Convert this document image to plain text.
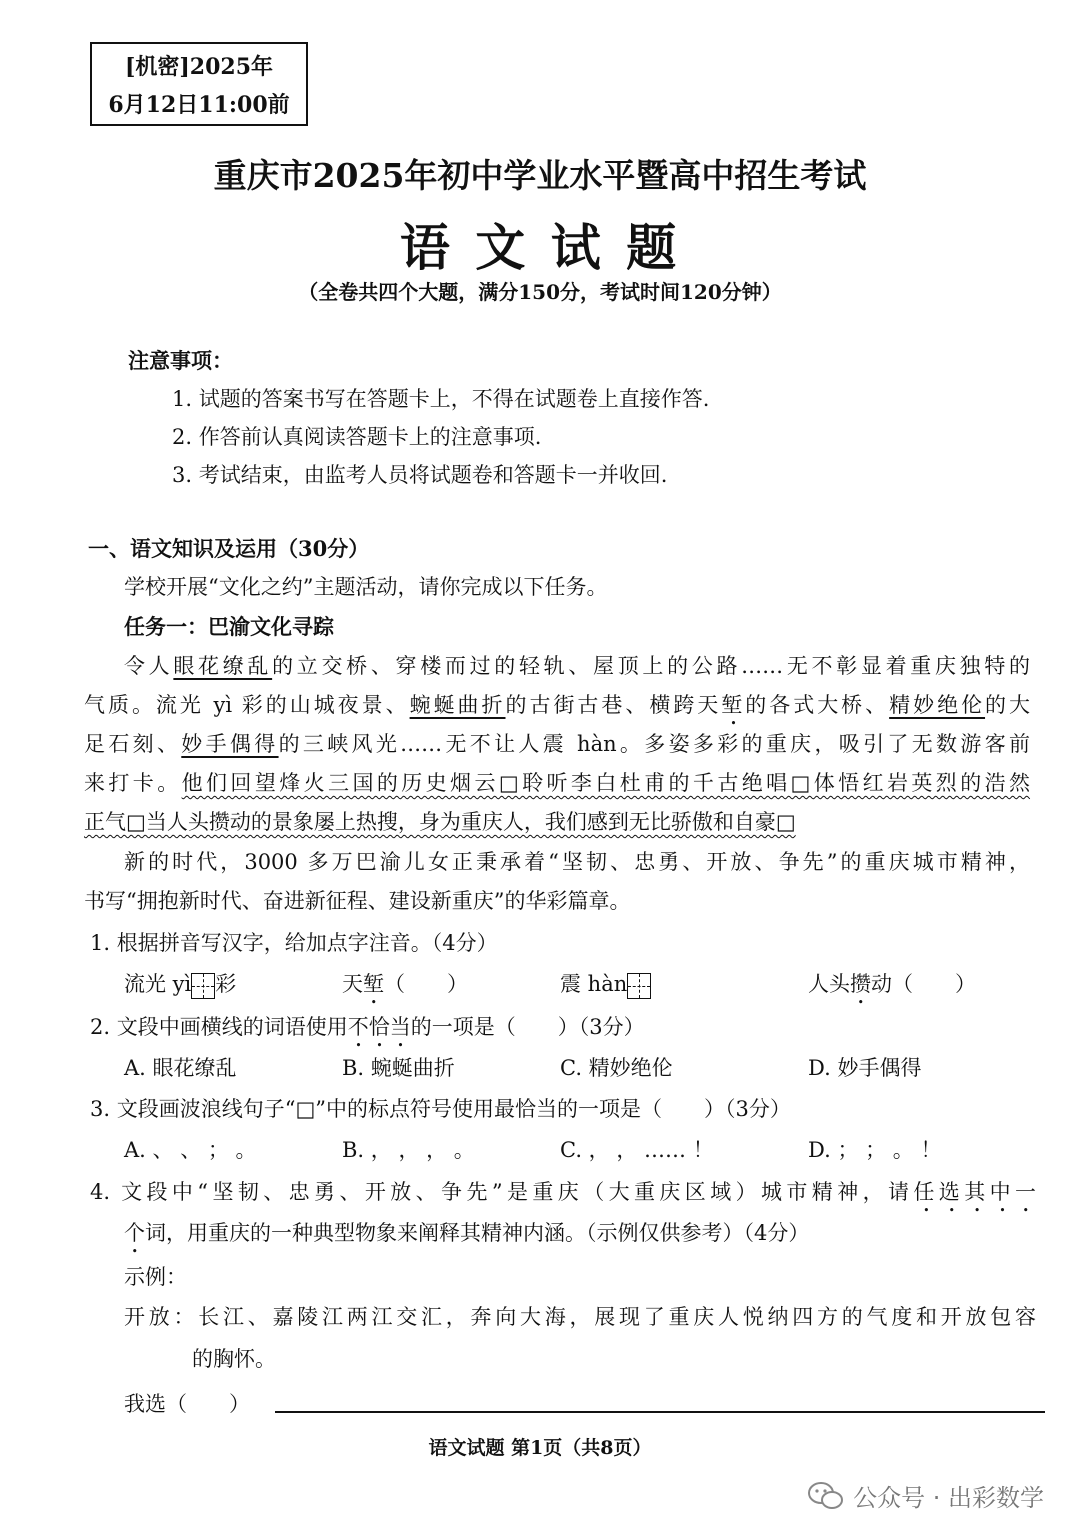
[机密]2025年
6月12日11:00前
重庆市2025年初中学业水平暨高中招生考试
语 文 试 题
（全卷共四个大题，满分150分，考试时间120分钟）
注意事项：
1. 试题的答案书写在答题卡上，不得在试题卷上直接作答.
2. 作答前认真阅读答题卡上的注意事项.
3. 考试结束，由监考人员将试题卷和答题卡一并收回.
一、语文知识及运用（30分）
学校开展“文化之约”主题活动，请你完成以下任务。
任务一：巴渝文化寻踪
令人眼花缭乱的立交桥、穿楼而过的轻轨、屋顶上的公路……无不彰显着重庆独特的
气质。流光 yì 彩的山城夜景、蜿蜒曲折的古街古巷、横跨天堑的各式大桥、精妙绝伦的大
足石刻、妙手偶得的三峡风光……无不让人震 hàn。多姿多彩的重庆，吸引了无数游客前
来打卡。他们回望烽火三国的历史烟云□聆听李白杜甫的千古绝唱□体悟红岩英烈的浩然
正气□当人头攒动的景象屡上热搜，身为重庆人，我们感到无比骄傲和自豪□
新的时代，3000 多万巴渝儿女正秉承着“坚韧、忠勇、开放、争先”的重庆城市精神，
书写“拥抱新时代、奋进新征程、建设新重庆”的华彩篇章。
1. 根据拼音写汉字，给加点字注音。（4分）
流光 yì 彩	天堑（　　）	震 hàn	人头攒动（　　）
2. 文段中画横线的词语使用不恰当的一项是（　　）（3分）
A. 眼花缭乱	B. 蜿蜒曲折	C. 精妙绝伦	D. 妙手偶得
3. 文段画波浪线句子“□”中的标点符号使用最恰当的一项是（　　）（3分）
A. 、 、 ； 。	B. ， ， ， 。	C. ， ， …… ！	D. ； ； 。 ！
4. 文段中“坚韧、忠勇、开放、争先”是重庆（大重庆区域）城市精神，请任选其中一
个词，用重庆的一种典型物象来阐释其精神内涵。（示例仅供参考）（4分）
示例：
开放：长江、嘉陵江两江交汇，奔向大海，展现了重庆人悦纳四方的气度和开放包容
的胸怀。
我选（　　）
语文试题 第1页（共8页）
公众号 · 出彩数学
